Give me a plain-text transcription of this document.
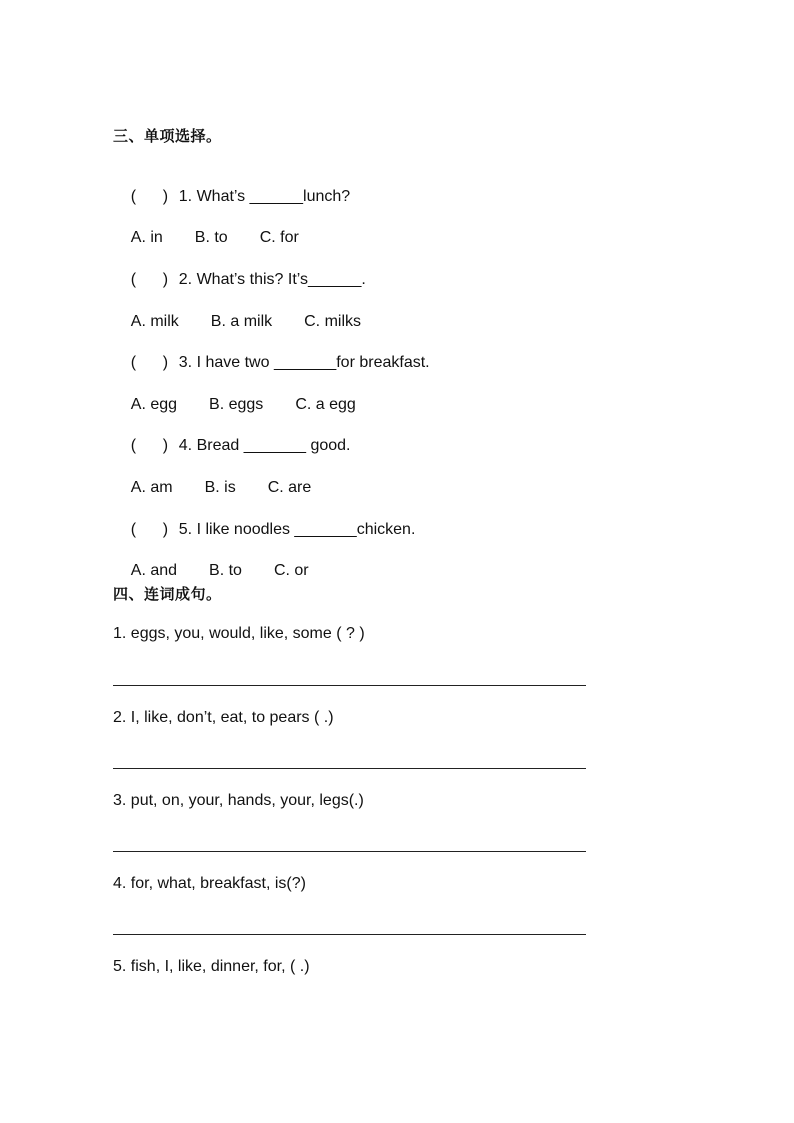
三、单项选择。

(      ) 1. What’s ______lunch?

A. in B. to C. for

(      ) 2. What’s this? It’s______.

A. milk B. a milk C. milks

(      ) 3. I have two _______for breakfast.

A. egg B. eggs C. a egg

(      ) 4. Bread _______ good.

A. am B. is C. are

(      ) 5. I like noodles _______chicken.

A. and B. to C. or

四、连词成句。
1. eggs, you, would, like, some ( ? )
2. I, like, don’t, eat, to pears ( .)
3. put, on, your, hands, your, legs(.)
4. for, what, breakfast, is(?)
5. fish, I, like, dinner, for, ( .)
